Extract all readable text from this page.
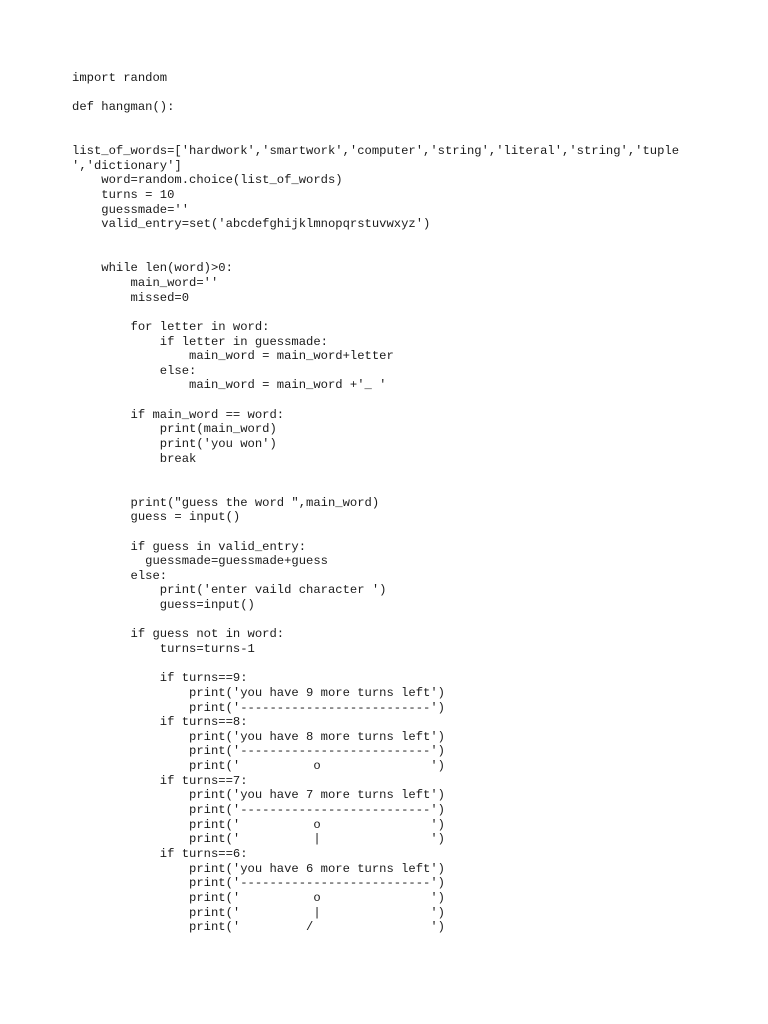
import random
def hangman():
list_of_words=['hardwork','smartwork','computer','string','literal','string','tuple
','dictionary']
word=random.choice(list_of_words)
turns = 10
guessmade=''
valid_entry=set('abcdefghijklmnopqrstuvwxyz')
while len(word)>0:
main_word=''
missed=0
for letter in word:
if letter in guessmade:
main_word = main_word+letter
else:
main_word = main_word +'_ '
if main_word == word:
print(main_word)
print('you won')
break
print("guess the word ",main_word)
guess = input()
if guess in valid_entry:
guessmade=guessmade+guess
else:
print('enter vaild character ')
guess=input()
if guess not in word:
turns=turns-1
if turns==9:
print('you have 9 more turns left')
print('--------------------------')
if turns==8:
print('you have 8 more turns left')
print('--------------------------')
print('          o               ')
if turns==7:
print('you have 7 more turns left')
print('--------------------------')
print('          o               ')
print('          |               ')
if turns==6:
print('you have 6 more turns left')
print('--------------------------')
print('          o               ')
print('          |               ')
print('         /                ')
